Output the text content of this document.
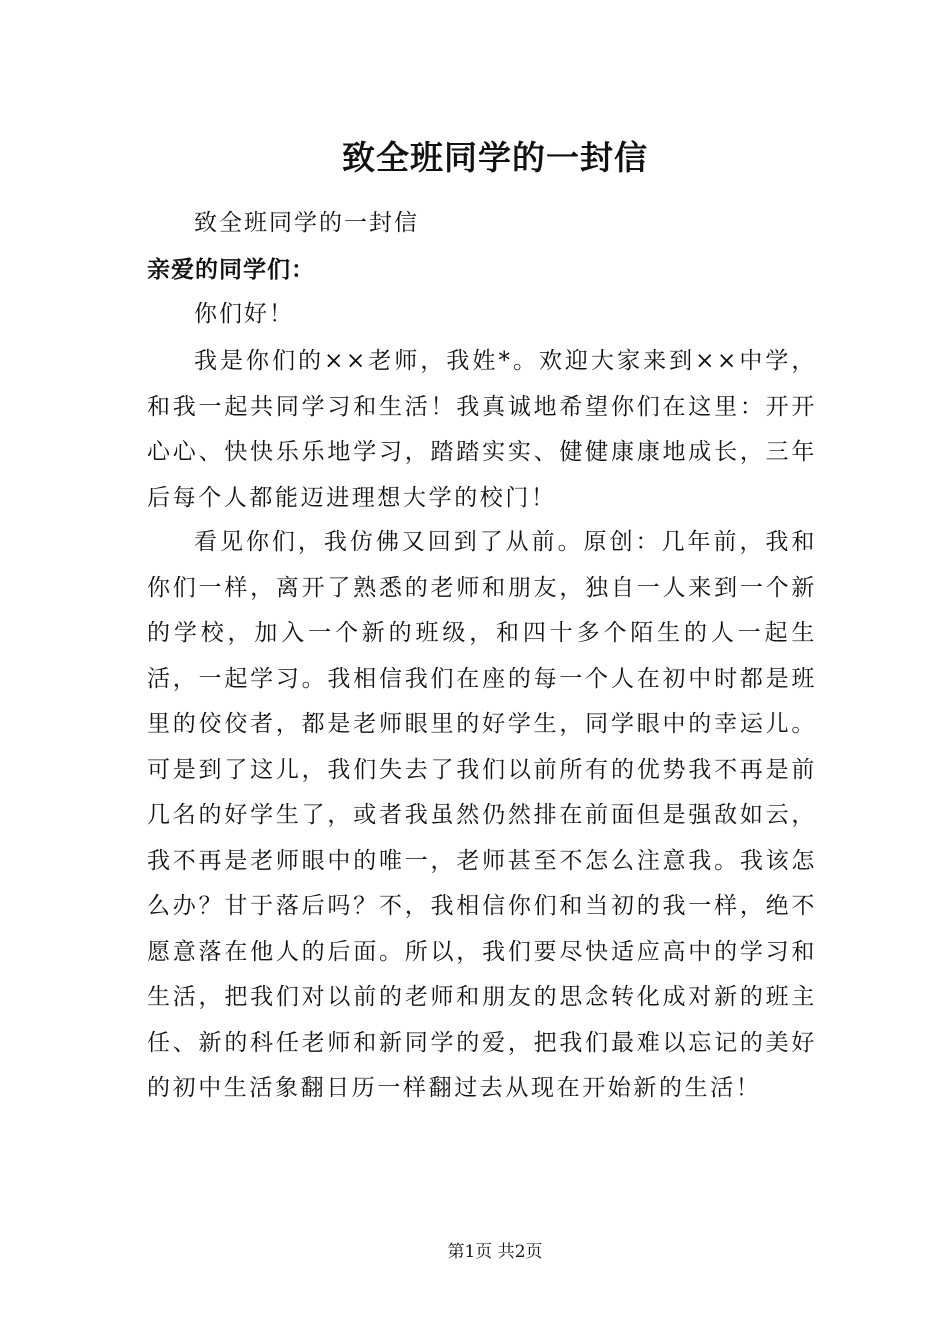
致全班同学的一封信
致全班同学的一封信
亲爱的同学们：
你们好！

我是你们的××老师，我姓*。欢迎大家来到××中学，和我一起共同学习和生活！我真诚地希望你们在这里：开开心心、快快乐乐地学习，踏踏实实、健健康康地成长，三年后每个人都能迈进理想大学的校门！

看见你们，我仿佛又回到了从前。原创：几年前，我和你们一样，离开了熟悉的老师和朋友，独自一人来到一个新的学校，加入一个新的班级，和四十多个陌生的人一起生活，一起学习。我相信我们在座的每一个人在初中时都是班里的佼佼者，都是老师眼里的好学生，同学眼中的幸运儿。可是到了这儿，我们失去了我们以前所有的优势我不再是前几名的好学生了，或者我虽然仍然排在前面但是强敌如云，我不再是老师眼中的唯一，老师甚至不怎么注意我。我该怎么办？甘于落后吗？不，我相信你们和当初的我一样，绝不愿意落在他人的后面。所以，我们要尽快适应高中的学习和生活，把我们对以前的老师和朋友的思念转化成对新的班主任、新的科任老师和新同学的爱，把我们最难以忘记的美好的初中生活象翻日历一样翻过去从现在开始新的生活！

第1页 共2页
